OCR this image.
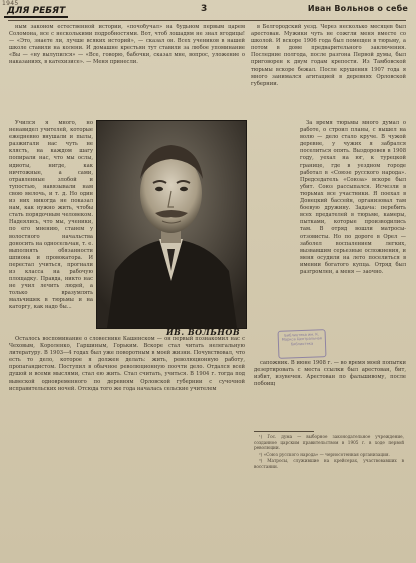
1945
ДЛЯ РЕБЯТ	3	Иван Вольнов о себе

ным законом естественной истории, «почобучал» на будьном первым царем Соломона, все с несколькими подробностями. Вот, чтоб лошадям не знал ягодицы! — «Это, знаете ли, лучше всяких историй», — сказал он. Всех учеников в нашей школе ставили на колени. И домашне крестьян тут ставили за любое упоминание «Вы — «ну вылупился» — «Все, говорю, бабочки, сказал мне, вопрос, уложение о наказаниях, в катехизисе». — Меня принесли.

Учился я много, но ненавидел учителей, которые ежедневно внушали и пылы, разжигали нас чуть не клясть, на каждом шагу попирали нас, что мы ослы, идиоты, нигде, как ничтожные, а сами, отравленные злобой и тупостью, навязывали нам свою мелочь, и т. д. Но один из них никогда не показал нам, как нужно жить, чтобы стать порядочным человеком. Надеялись, что мы, ученики, по его мнению, станем у волостного начальства доносить на односельчан, т. е. выполнять обязанности шпиона и провокатора. И перестал учиться, прогнали из класса на рабочую площадку. Правда, никто нас не учил лечить людей, а только вразумлять мальчишек в тюрьмы и на каторгу, как надо бы...

в Белгородский уезд. Через несколько месяцев был арестован. Мужики чуть не сожгли меня вместе со школой. И вскоре 1906 года был помещен в тюрьму, а потом в доме предварительного заключения. Последние полгода, после разгона Первой думы, был приговорен к двум годам крепости. Из Тамбовской тюрьмы вскоре бежал. После крушения 1907 года я много занимался агитацией в деревнях Орловской губернии.

За время тюрьмы много думал о работе, о строил планы, с вышел на волю — дело стало круче. В чужой деревне, у чужих я забрался поселиться опять. Выздоровев в 1908 году, уехал на юг, к турецкой границе, где в уездном городе работал в «Союзе русского народа». Председатель «Союза» вскоре был убит. Союз рассыпался. Исчезли в тюрьмах все участники. Я поехал в Донецкий бассейн, организовал там боевую дружину. Задача: перебить всех предателей в тюрьме, камеры, пытками, которые производились там. В отряд вошли матросы-отзовисты. Но по дороге в Орел — заболел воспалением легких, вызвавшим серьезные осложнения, и меня осудили на лето поселиться в имении богатого купца. Отряд был разгромлен, а меня — заочно.

ИВ. ВОЛЬНОВ

Осталось воспоминание о словеснике Кашенском — он первый познакомил нас с Чеховым, Короленко, Гаршиным, Горьким. Вскоре стал читать нелегальную литературу. В 1903—4 годах был уже поворотным в моей жизни. Почувствовал, что есть то дело, которое я должен делать: жить, революционную работу, пропагандистом. Поступил в обычное революционную поочти дело. Отдался всей душой и всеми мыслями, стал ею жить. Стал считать, учиться. В 1904 г. тогда под вывеской одновременного по деревням Орловской губернии с сучочной исправительских ночей. Отсюда того же года началась сельские учителем

Библиотека им. К. Маркса Центральная библиотека

сапожник. В июне 1908 г. — во время моей попытки дезертировать с места ссылки был арестован, бит, избит, изувечен. Арестован по фальшивому, после побоищ

¹) Гос. дума — выборное законодательное учреждение, созданное царским правительством в 1905 г. в ходе первой революции.

²) «Союз русского народа» — черносотенная организация.

³) Матросы, служившие на крейсерах, участвовавших в восстании.
